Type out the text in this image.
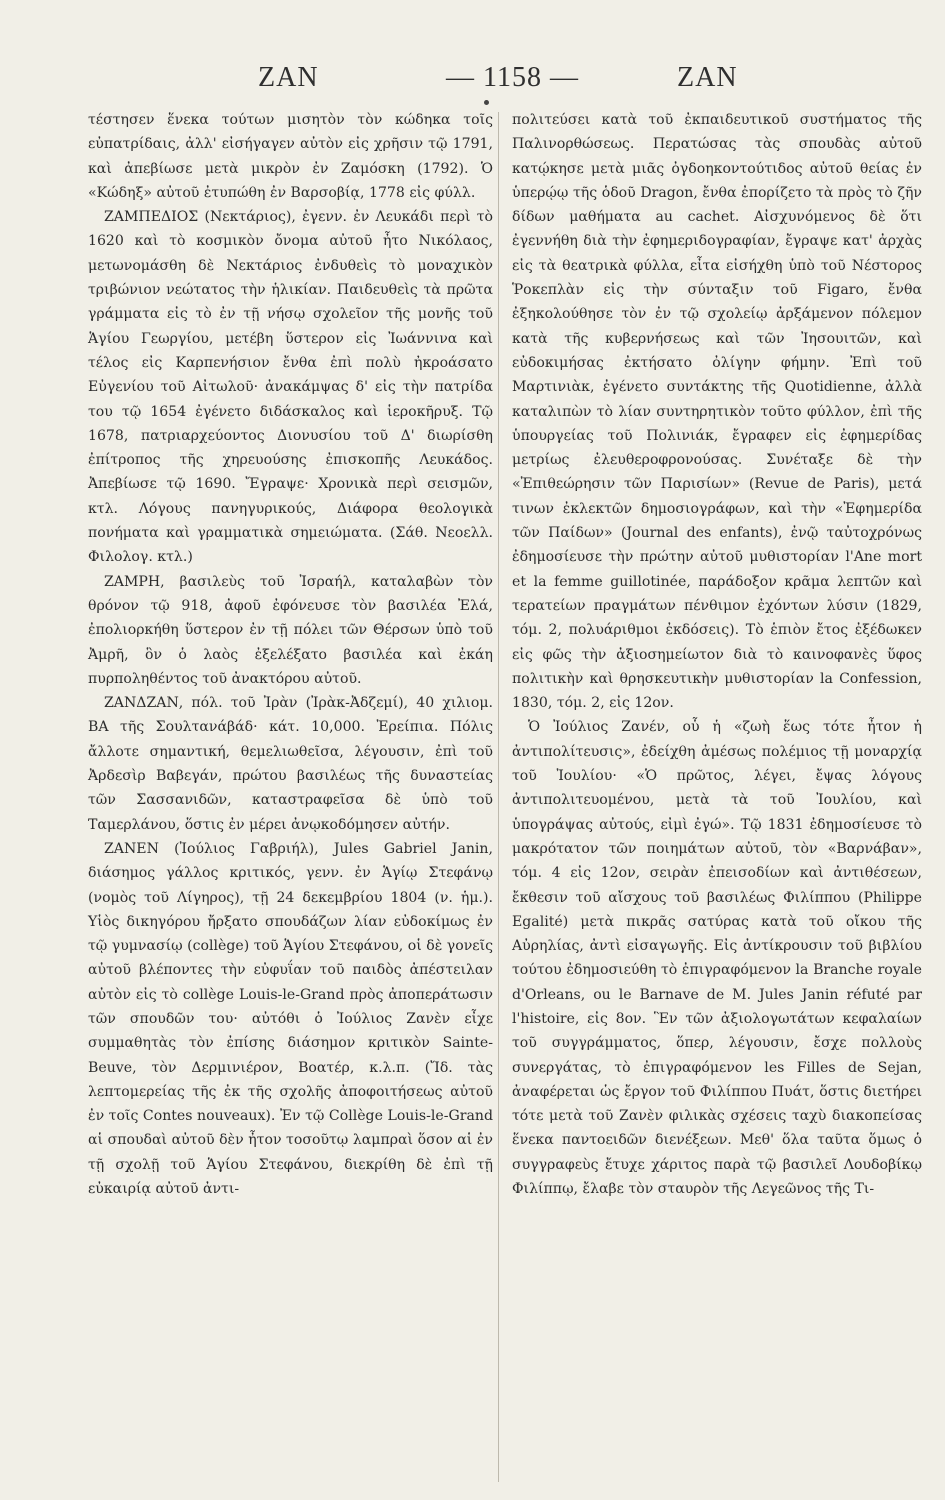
ZAN	— 1158 —	ZAN

τέστησεν ἕνεκα τούτων μισητὸν τὸν κώδηκα τοῖς εὐπατρίδαις, ἀλλ' εἰσήγαγεν αὐτὸν εἰς χρῆσιν τῷ 1791, καὶ ἀπεβίωσε μετὰ μικρὸν ἐν Ζαμόσκη (1792). Ὁ «Κώδηξ» αὐτοῦ ἐτυπώθη ἐν Βαρσοβίᾳ, 1778 εἰς φύλλ.

ΖΑΜΠΕΔΙΟΣ (Νεκτάριος), ἐγενν. ἐν Λευκάδι περὶ τὸ 1620 καὶ τὸ κοσμικὸν ὄνομα αὐτοῦ ἦτο Νικόλαος, μετωνομάσθη δὲ Νεκτάριος ἐνδυθεὶς τὸ μοναχικὸν τριβώνιον νεώτατος τὴν ἡλικίαν. Παιδευθεὶς τὰ πρῶτα γράμματα εἰς τὸ ἐν τῇ νήσῳ σχολεῖον τῆς μονῆς τοῦ Ἁγίου Γεωργίου, μετέβη ὕστερον εἰς Ἰωάννινα καὶ τέλος εἰς Καρπενήσιον ἔνθα ἐπὶ πολὺ ἠκροάσατο Εὐγενίου τοῦ Αἰτωλοῦ· ἀνακάμψας δ' εἰς τὴν πατρίδα του τῷ 1654 ἐγένετο διδάσκαλος καὶ ἱεροκῆρυξ. Τῷ 1678, πατριαρχεύοντος Διονυσίου τοῦ Δ' διωρίσθη ἐπίτροπος τῆς χηρευούσης ἐπισκοπῆς Λευκάδος. Ἀπεβίωσε τῷ 1690. Ἔγραψε· Χρονικὰ περὶ σεισμῶν, κτλ. Λόγους πανηγυρικούς, Διάφορα θεολογικὰ πονήματα καὶ γραμματικὰ σημειώματα. (Σάθ. Νεοελλ. Φιλολογ. κτλ.)

ΖΑΜΡΗ, βασιλεὺς τοῦ Ἰσραήλ, καταλαβὼν τὸν θρόνον τῷ 918, ἀφοῦ ἐφόνευσε τὸν βασιλέα Ἐλά, ἐπολιορκήθη ὕστερον ἐν τῇ πόλει τῶν Θέρσων ὑπὸ τοῦ Ἀμρῆ, ὃν ὁ λαὸς ἐξελέξατο βασιλέα καὶ ἐκάη πυρποληθέντος τοῦ ἀνακτόρου αὐτοῦ.

ΖΑΝΔΖΑΝ, πόλ. τοῦ Ἰρὰν (Ἰρὰκ-Ἀδζεμί), 40 χιλιομ. ΒΑ τῆς Σουλτανάβάδ· κάτ. 10,000. Ἐρείπια. Πόλις ἄλλοτε σημαντική, θεμελιωθεῖσα, λέγουσιν, ἐπὶ τοῦ Ἀρδεσὶρ Βαβεγάν, πρώτου βασιλέως τῆς δυναστείας τῶν Σασσανιδῶν, καταστραφεῖσα δὲ ὑπὸ τοῦ Ταμερλάνου, ὅστις ἐν μέρει ἀνῳκοδόμησεν αὐτήν.

ΖΑΝΕΝ (Ἰούλιος Γαβριήλ), Jules Gabriel Janin, διάσημος γάλλος κριτικός, γενν. ἐν Ἁγίῳ Στεφάνῳ (νομὸς τοῦ Λίγηρος), τῇ 24 δεκεμβρίου 1804 (ν. ἡμ.). Υἱὸς δικηγόρου ἤρξατο σπουδάζων λίαν εὐδοκίμως ἐν τῷ γυμνασίῳ (collège) τοῦ Ἁγίου Στεφάνου, οἱ δὲ γονεῖς αὐτοῦ βλέποντες τὴν εὐφυΐαν τοῦ παιδὸς ἀπέστειλαν αὐτὸν εἰς τὸ collège Louis-le-Grand πρὸς ἀποπεράτωσιν τῶν σπουδῶν του· αὐτόθι ὁ Ἰούλιος Ζανὲν εἶχε συμμαθητὰς τὸν ἐπίσης διάσημον κριτικὸν Sainte-Beuve, τὸν Δερμινιέρον, Βοατέρ, κ.λ.π. (Ἴδ. τὰς λεπτομερείας τῆς ἐκ τῆς σχολῆς ἀποφοιτήσεως αὐτοῦ ἐν τοῖς Contes nouveaux). Ἐν τῷ Collège Louis-le-Grand αἱ σπουδαὶ αὐτοῦ δὲν ἦτον τοσοῦτῳ λαμπραὶ ὅσον αἱ ἐν τῇ σχολῇ τοῦ Ἁγίου Στεφάνου, διεκρίθη δὲ ἐπὶ τῇ εὐκαιρίᾳ αὐτοῦ ἀντι-

πολιτεύσει κατὰ τοῦ ἐκπαιδευτικοῦ συστήματος τῆς Παλινορθώσεως. Περατώσας τὰς σπουδὰς αὐτοῦ κατῴκησε μετὰ μιᾶς ὀγδοηκοντούτιδος αὐτοῦ θείας ἐν ὑπερῴῳ τῆς ὁδοῦ Dragon, ἔνθα ἐπορίζετο τὰ πρὸς τὸ ζῆν δίδων μαθήματα au cachet. Αἰσχυνόμενος δὲ ὅτι ἐγεννήθη διὰ τὴν ἐφημεριδογραφίαν, ἔγραψε κατ' ἀρχὰς εἰς τὰ θεατρικὰ φύλλα, εἶτα εἰσήχθη ὑπὸ τοῦ Νέστορος Ῥοκεπλὰν εἰς τὴν σύνταξιν τοῦ Figaro, ἔνθα ἐξηκολούθησε τὸν ἐν τῷ σχολείῳ ἀρξάμενον πόλεμον κατὰ τῆς κυβερνήσεως καὶ τῶν Ἰησουιτῶν, καὶ εὐδοκιμήσας ἐκτήσατο ὀλίγην φήμην. Ἐπὶ τοῦ Μαρτινιὰκ, ἐγένετο συντάκτης τῆς Quotidienne, ἀλλὰ καταλιπὼν τὸ λίαν συντηρητικὸν τοῦτο φύλλον, ἐπὶ τῆς ὑπουργείας τοῦ Πολινιάκ, ἔγραφεν εἰς ἐφημερίδας μετρίως ἐλευθεροφρονούσας. Συνέταξε δὲ τὴν «Ἐπιθεώρησιν τῶν Παρισίων» (Revue de Paris), μετά τινων ἐκλεκτῶν δημοσιογράφων, καὶ τὴν «Ἐφημερίδα τῶν Παίδων» (Journal des enfants), ἐνῷ ταὐτοχρόνως ἐδημοσίευσε τὴν πρώτην αὐτοῦ μυθιστορίαν l'Ane mort et la femme guillotinée, παράδοξον κρᾶμα λεπτῶν καὶ τερατείων πραγμάτων πένθιμον ἐχόντων λύσιν (1829, τόμ. 2, πολυάριθμοι ἐκδόσεις). Τὸ ἑπιὸν ἔτος ἐξέδωκεν εἰς φῶς τὴν ἀξιοσημείωτον διὰ τὸ καινοφανὲς ὕφος πολιτικὴν καὶ θρησκευτικὴν μυθιστορίαν la Confession, 1830, τόμ. 2, εἰς 12ον.

Ὁ Ἰούλιος Ζανέν, οὗ ἡ «ζωὴ ἕως τότε ἦτον ἡ ἀντιπολίτευσις», ἐδείχθη ἀμέσως πολέμιος τῇ μοναρχίᾳ τοῦ Ἰουλίου· «Ὁ πρῶτος, λέγει, ἔψας λόγους ἀντιπολιτευομένου, μετὰ τὰ τοῦ Ἰουλίου, καὶ ὑπογράψας αὐτούς, εἰμὶ ἐγώ». Τῷ 1831 ἐδημοσίευσε τὸ μακρότατον τῶν ποιημάτων αὐτοῦ, τὸν «Βαρνάβαν», τόμ. 4 εἰς 12ον, σειρὰν ἐπεισοδίων καὶ ἀντιθέσεων, ἔκθεσιν τοῦ αἴσχους τοῦ βασιλέως Φιλίππου (Philippe Egalité) μετὰ πικρᾶς σατύρας κατὰ τοῦ οἴκου τῆς Αὐρηλίας, ἀντὶ εἰσαγωγῆς. Εἰς ἀντίκρουσιν τοῦ βιβλίου τούτου ἐδημοσιεύθη τὸ ἐπιγραφόμενον la Branche royale d'Orleans, ou le Barnave de M. Jules Janin réfuté par l'histoire, εἰς 8ον. Ἓν τῶν ἀξιολογωτάτων κεφαλαίων τοῦ συγγράμματος, ὅπερ, λέγουσιν, ἔσχε πολλοὺς συνεργάτας, τὸ ἐπιγραφόμενον les Filles de Sejan, ἀναφέρεται ὡς ἔργον τοῦ Φιλίππου Πυάτ, ὅστις διετήρει τότε μετὰ τοῦ Ζανὲν φιλικὰς σχέσεις ταχὺ διακοπείσας ἕνεκα παντοειδῶν διενέξεων. Μεθ' ὅλα ταῦτα ὅμως ὁ συγγραφεὺς ἔτυχε χάριτος παρὰ τῷ βασιλεῖ Λουδοβίκῳ Φιλίππῳ, ἔλαβε τὸν σταυρὸν τῆς Λεγεῶνος τῆς Τι-
